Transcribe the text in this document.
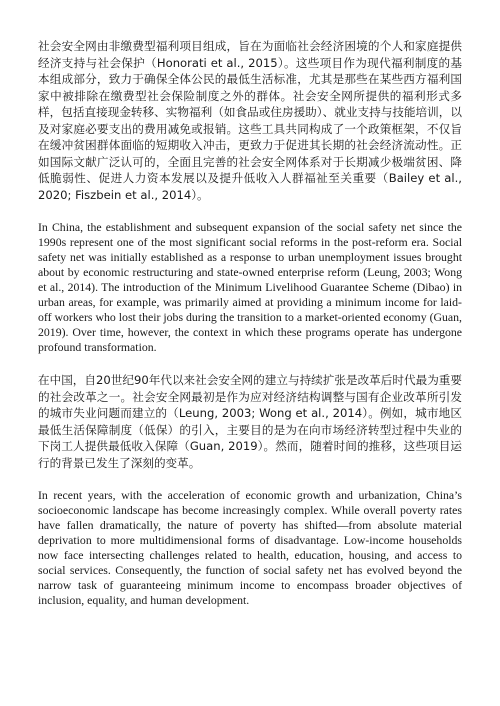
社会安全网由非缴费型福利项目组成，旨在为面临社会经济困境的个人和家庭提供经济支持与社会保护（Honorati et al., 2015）。这些项目作为现代福利制度的基本组成部分，致力于确保全体公民的最低生活标准，尤其是那些在某些西方福利国家中被排除在缴费型社会保险制度之外的群体。社会安全网所提供的福利形式多样，包括直接现金转移、实物福利（如食品或住房援助）、就业支持与技能培训，以及对家庭必要支出的费用减免或报销。这些工具共同构成了一个政策框架，不仅旨在缓冲贫困群体面临的短期收入冲击，更致力于促进其长期的社会经济流动性。正如国际文献广泛认可的，全面且完善的社会安全网体系对于长期减少极端贫困、降低脆弱性、促进人力资本发展以及提升低收入人群福祉至关重要（Bailey et al., 2020; Fiszbein et al., 2014）。

In China, the establishment and subsequent expansion of the social safety net since the 1990s represent one of the most significant social reforms in the post-reform era. Social safety net was initially established as a response to urban unemployment issues brought about by economic restructuring and state-owned enterprise reform (Leung, 2003; Wong et al., 2014). The introduction of the Minimum Livelihood Guarantee Scheme (Dibao) in urban areas, for example, was primarily aimed at providing a minimum income for laid-off workers who lost their jobs during the transition to a market-oriented economy (Guan, 2019). Over time, however, the context in which these programs operate has undergone profound transformation.

在中国，自20世纪90年代以来社会安全网的建立与持续扩张是改革后时代最为重要的社会改革之一。社会安全网最初是作为应对经济结构调整与国有企业改革所引发的城市失业问题而建立的（Leung, 2003; Wong et al., 2014）。例如，城市地区最低生活保障制度（低保）的引入，主要目的是为在向市场经济转型过程中失业的下岗工人提供最低收入保障（Guan, 2019）。然而，随着时间的推移，这些项目运行的背景已发生了深刻的变革。

In recent years, with the acceleration of economic growth and urbanization, China’s socioeconomic landscape has become increasingly complex. While overall poverty rates have fallen dramatically, the nature of poverty has shifted—from absolute material deprivation to more multidimensional forms of disadvantage. Low-income households now face intersecting challenges related to health, education, housing, and access to social services. Consequently, the function of social safety net has evolved beyond the narrow task of guaranteeing minimum income to encompass broader objectives of inclusion, equality, and human development.
